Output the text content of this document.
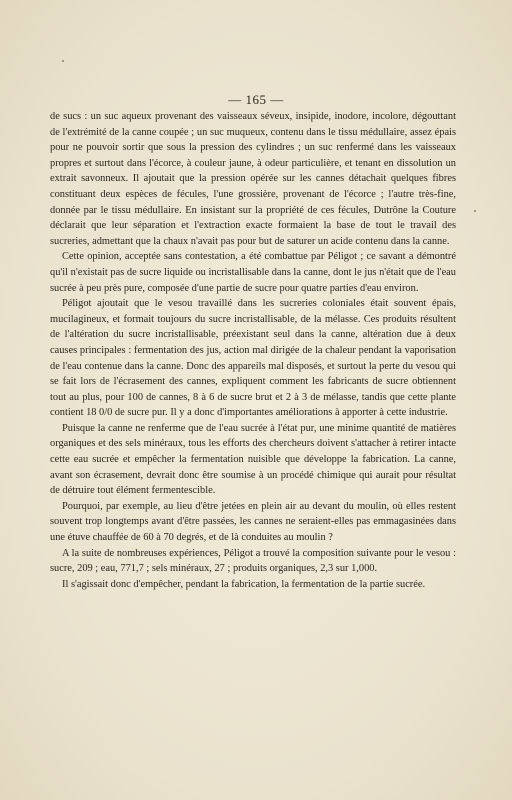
— 165 —

de sucs : un suc aqueux provenant des vaisseaux séveux, insipide, inodore, incolore, dégouttant de l'extrémité de la canne coupée ; un suc muqueux, contenu dans le tissu médullaire, assez épais pour ne pouvoir sortir que sous la pression des cylindres ; un suc renfermé dans les vaisseaux propres et surtout dans l'écorce, à couleur jaune, à odeur particulière, et tenant en dissolution un extrait savonneux. Il ajoutait que la pression opérée sur les cannes détachait quelques fibres constituant deux espèces de fécules, l'une grossière, provenant de l'écorce ; l'autre très-fine, donnée par le tissu médullaire. En insistant sur la propriété de ces fécules, Dutrône la Couture déclarait que leur séparation et l'extraction exacte formaient la base de tout le travail des sucreries, admettant que la chaux n'avait pas pour but de saturer un acide contenu dans la canne.

Cette opinion, acceptée sans contestation, a été combattue par Péligot ; ce savant a démontré qu'il n'existait pas de sucre liquide ou incristallisable dans la canne, dont le jus n'était que de l'eau sucrée à peu près pure, composée d'une partie de sucre pour quatre parties d'eau environ.

Péligot ajoutait que le vesou travaillé dans les sucreries coloniales était souvent épais, mucilagineux, et formait toujours du sucre incristallisable, de la mélasse. Ces produits résultent de l'altération du sucre incristallisable, préexistant seul dans la canne, altération due à deux causes principales : fermentation des jus, action mal dirigée de la chaleur pendant la vaporisation de l'eau contenue dans la canne. Donc des appareils mal disposés, et surtout la perte du vesou qui se fait lors de l'écrasement des cannes, expliquent comment les fabricants de sucre obtiennent tout au plus, pour 100 de cannes, 8 à 6 de sucre brut et 2 à 3 de mélasse, tandis que cette plante contient 18 0/0 de sucre pur. Il y a donc d'importantes améliorations à apporter à cette industrie.

Puisque la canne ne renferme que de l'eau sucrée à l'état pur, une minime quantité de matières organiques et des sels minéraux, tous les efforts des chercheurs doivent s'attacher à retirer intacte cette eau sucrée et empêcher la fermentation nuisible que développe la fabrication. La canne, avant son écrasement, devrait donc être soumise à un procédé chimique qui aurait pour résultat de détruire tout élément fermentescible.

Pourquoi, par exemple, au lieu d'être jetées en plein air au devant du moulin, où elles restent souvent trop longtemps avant d'être passées, les cannes ne seraient-elles pas emmagasinées dans une étuve chauffée de 60 à 70 degrés, et de là conduites au moulin ?

A la suite de nombreuses expériences, Péligot a trouvé la composition suivante pour le vesou : sucre, 209 ; eau, 771,7 ; sels minéraux, 27 ; produits organiques, 2,3 sur 1,000.

Il s'agissait donc d'empêcher, pendant la fabrication, la fermentation de la partie sucrée.
